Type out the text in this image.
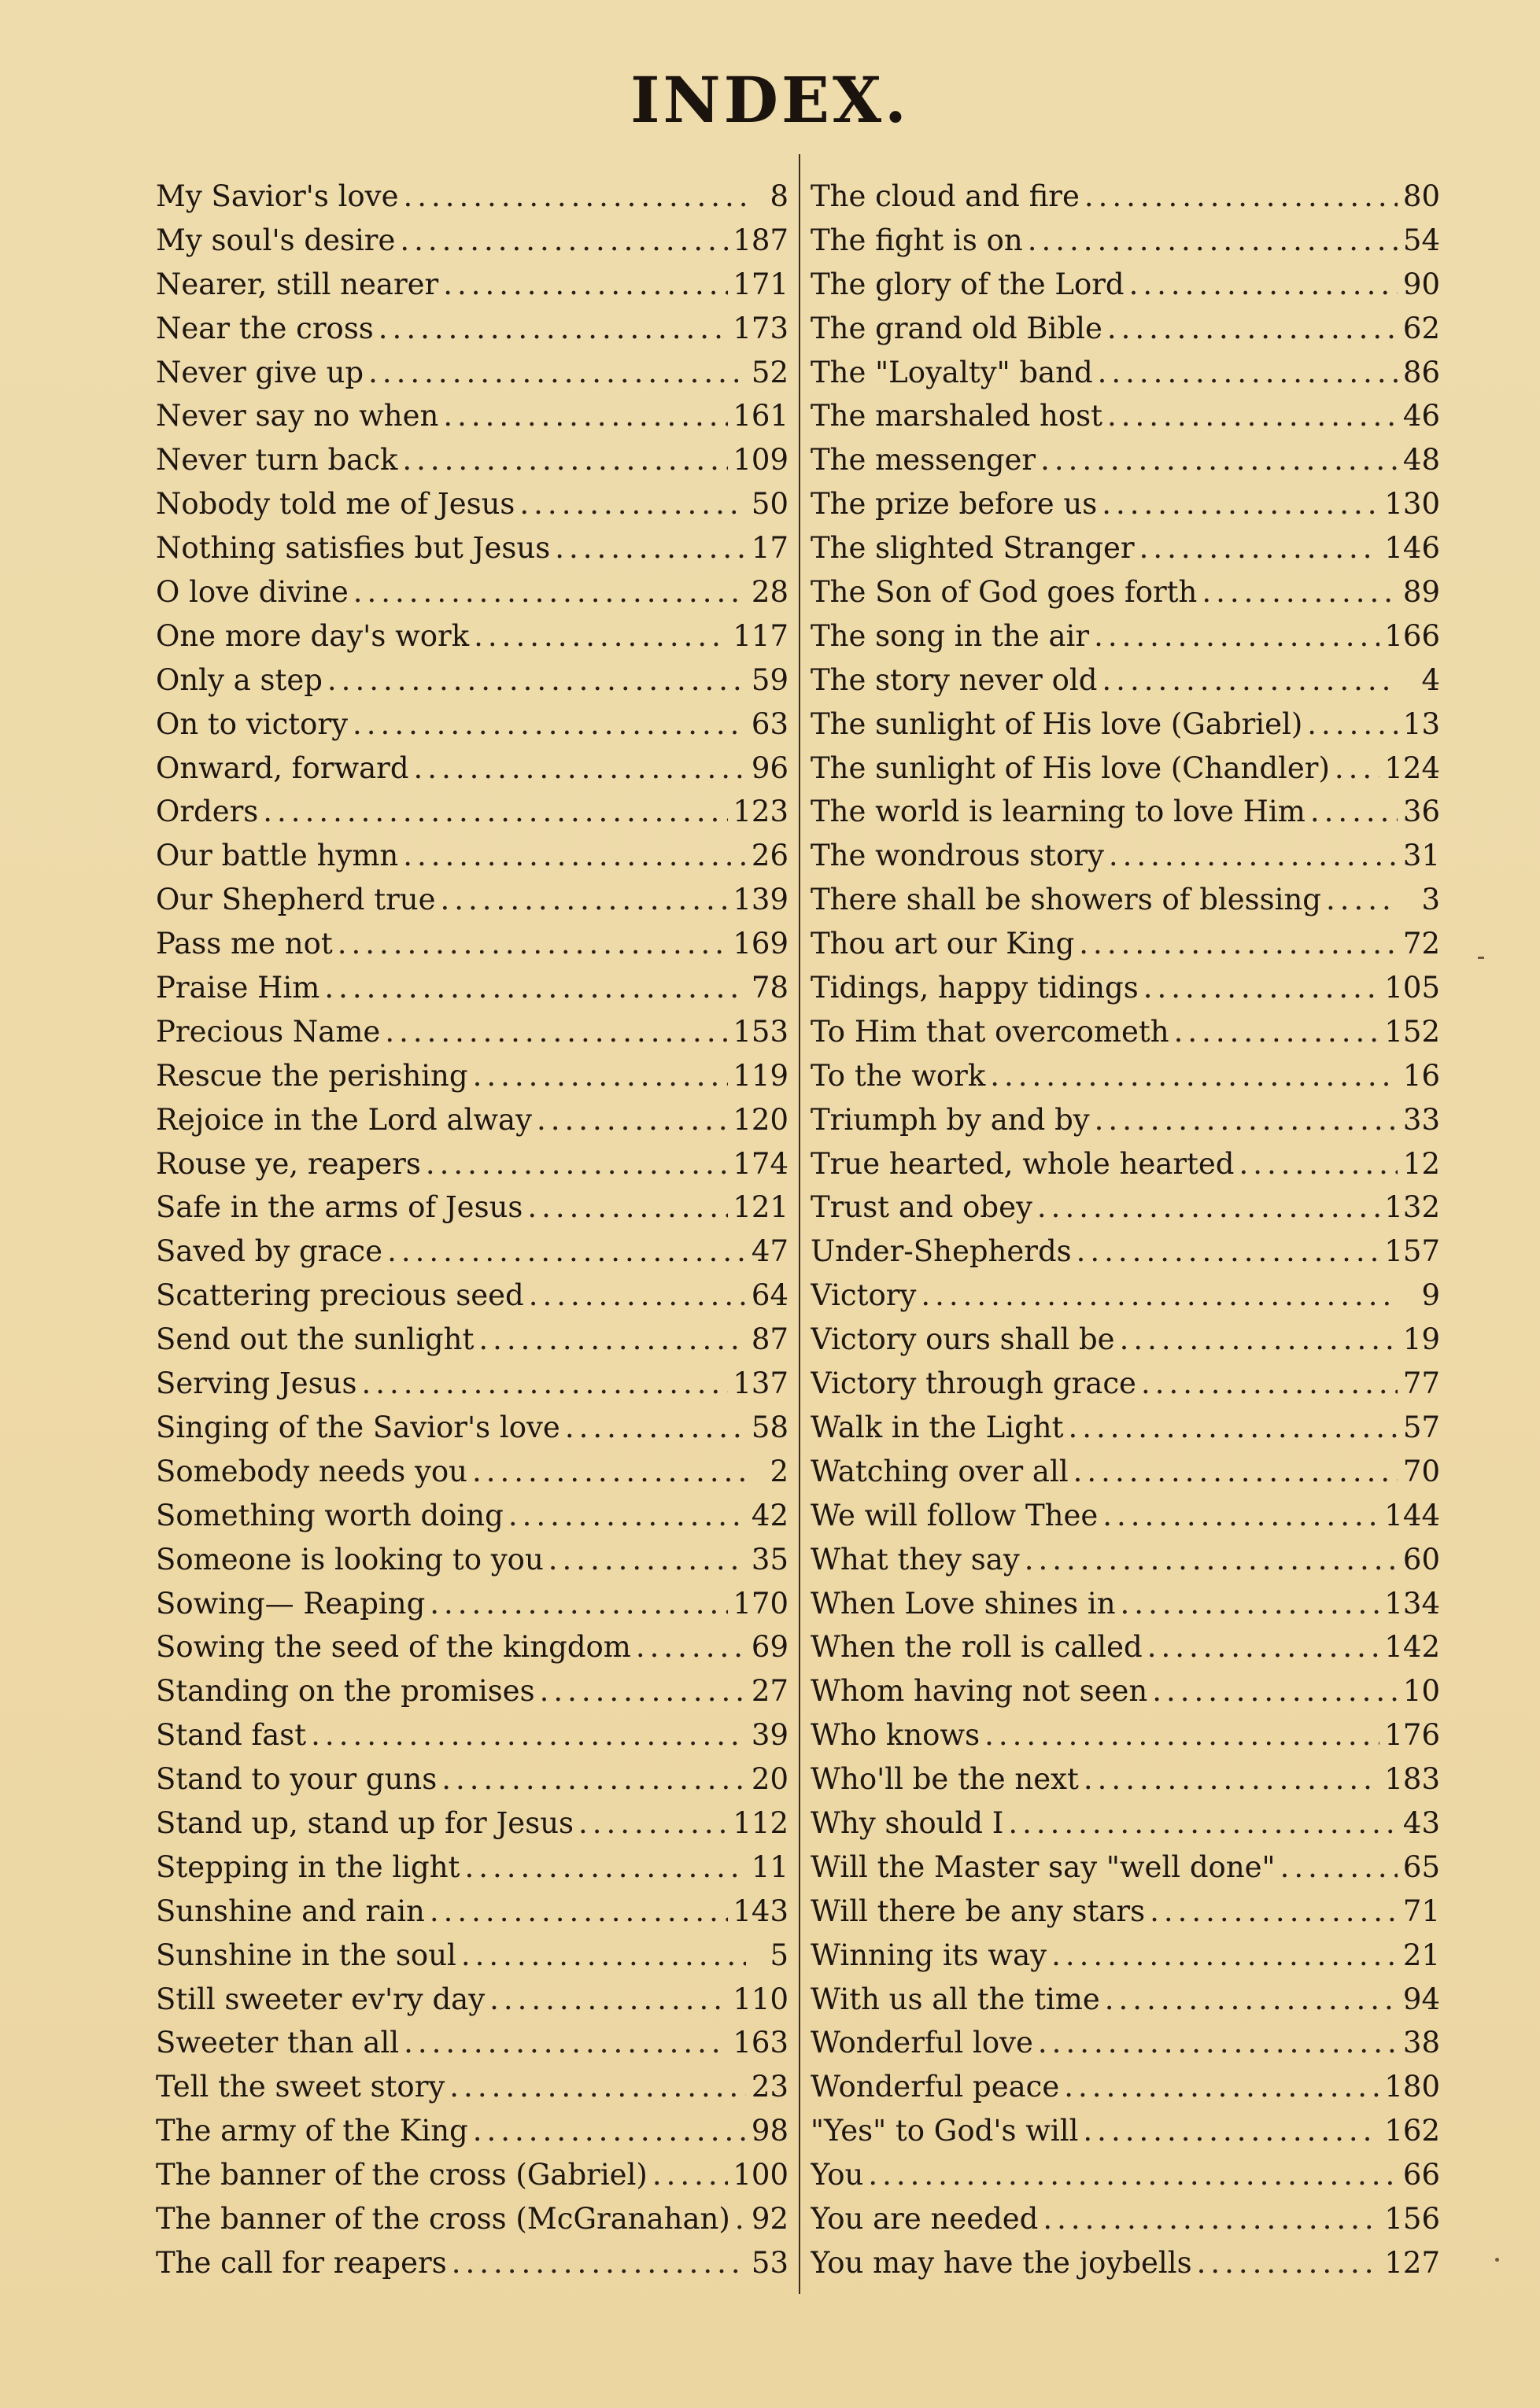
INDEX.
My Savior's love .....	8
My soul's desire .....	187
Nearer, still nearer .....	171
Near the cross .....	173
Never give up .....	52
Never say no when .....	161
Never turn back .....	109
Nobody told me of Jesus .....	50
Nothing satisfies but Jesus .....	17
O love divine .....	28
One more day's work .....	117
Only a step .....	59
On to victory .....	63
Onward, forward .....	96
Orders .....	123
Our battle hymn .....	26
Our Shepherd true .....	139
Pass me not .....	169
Praise Him .....	78
Precious Name .....	153
Rescue the perishing .....	119
Rejoice in the Lord alway .....	120
Rouse ye, reapers .....	174
Safe in the arms of Jesus .....	121
Saved by grace .....	47
Scattering precious seed .....	64
Send out the sunlight .....	87
Serving Jesus .....	137
Singing of the Savior's love .....	58
Somebody needs you .....	2
Something worth doing .....	42
Someone is looking to you .....	35
Sowing— Reaping .....	170
Sowing the seed of the kingdom .....	69
Standing on the promises .....	27
Stand fast .....	39
Stand to your guns .....	20
Stand up, stand up for Jesus .....	112
Stepping in the light .....	11
Sunshine and rain .....	143
Sunshine in the soul .....	5
Still sweeter ev'ry day .....	110
Sweeter than all .....	163
Tell the sweet story .....	23
The army of the King .....	98
The banner of the cross (Gabriel) .....	100
The banner of the cross (McGranahan) ..... 92
The call for reapers .....	53
The cloud and fire .....	80
The fight is on .....	54
The glory of the Lord .....	90
The grand old Bible .....	62
The "Loyalty" band .....	86
The marshaled host .....	46
The messenger .....	48
The prize before us .....	130
The slighted Stranger .....	146
The Son of God goes forth .....	89
The song in the air .....	166
The story never old .....	4
The sunlight of His love (Gabriel) .....	13
The sunlight of His love (Chandler) ..... 124
The world is learning to love Him .....	36
The wondrous story .....	31
There shall be showers of blessing .....	3
Thou art our King .....	72
Tidings, happy tidings .....	105
To Him that overcometh .....	152
To the work .....	16
Triumph by and by .....	33
True hearted, whole hearted .....	12
Trust and obey .....	132
Under-Shepherds .....	157
Victory .....	9
Victory ours shall be .....	19
Victory through grace .....	77
Walk in the Light .....	57
Watching over all .....	70
We will follow Thee .....	144
What they say .....	60
When Love shines in .....	134
When the roll is called .....	142
Whom having not seen .....	10
Who knows .....	176
Who'll be the next .....	183
Why should I .....	43
Will the Master say "well done" .....	65
Will there be any stars .....	71
Winning its way .....	21
With us all the time .....	94
Wonderful love .....	38
Wonderful peace .....	180
"Yes" to God's will .....	162
You .....	66
You are needed .....	156
You may have the joybells .....	127
